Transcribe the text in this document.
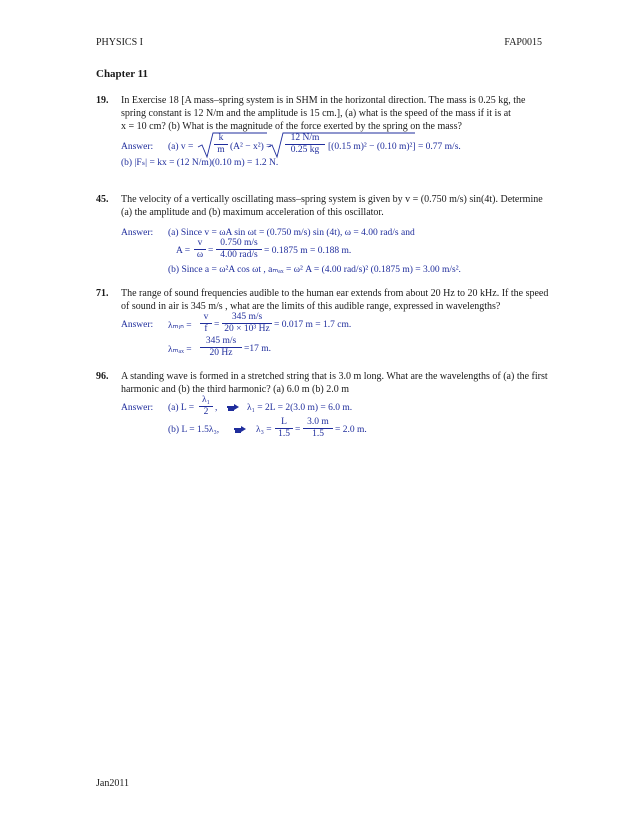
PHYSICS I	FAP0015
Chapter 11
19. In Exercise 18 [A mass–spring system is in SHM in the horizontal direction. The mass is 0.25 kg, the
spring constant is 12 N/m and the amplitude is 15 cm.], (a) what is the speed of the mass if it is at
x = 10 cm? (b) What is the magnitude of the force exerted by the spring on the mass?
Answer: (a) $v = \frac{k}{m} (A^2 - x^2) = \frac{12 N/m}{0.25 kg} [(0.15$ m)² − (0.10 m)²] = 0.77 m/s.
(b) |Fₛ| = kx = (12 N/m)(0.10 m) = 1.2 N.
45. The velocity of a vertically oscillating mass–spring system is given by v = (0.750 m/s) sin(4t). Determine
(a) the amplitude and (b) maximum acceleration of this oscillator.
Answer: (a) Since v = ωA sin ωt = (0.750 m/s) sin (4t), ω = 4.00 rad/s and
$A = \frac{v}{\omega}$ =
0.750 m/s
4.00 rad/s = 0.1875 m = 0.188 m.
(b) Since a = ω²A cos ωt , aₘₐₓ = ω² A = (4.00 rad/s)² (0.1875 m) = 3.00 m/s².
71. The range of sound frequencies audible to the human ear extends from about 20 Hz to 20 kHz. If the speed
of sound in air is 345 m/s , what are the limits of this audible range, expressed in wavelengths?
Answer: λₘᵢₙ = $\frac{v}{f} = \frac{345 m/s}{\text{20 × 10³ Hz}} = 0.017$ m = 1.7 cm.
$\lambda_{max} = \frac{345 m/s}{20 Hz} =17$ m.
96. A standing wave is formed in a stretched string that is 3.0 m long. What are the wavelengths of (a) the first
harmonic and (b) the third harmonic? (a) 6.0 m (b) 2.0 m
Answer: (a) $L = \frac{\text{λ₁}}{2}$ ,	λ₁ = 2L = 2(3.0 m) = 6.0 m.
(b) L = 1.5λ₃,	$\lambda_3 = \frac{L}{1.5} = \frac{3.0 m}{1.5} = 2.0$ m.
Jan2011
